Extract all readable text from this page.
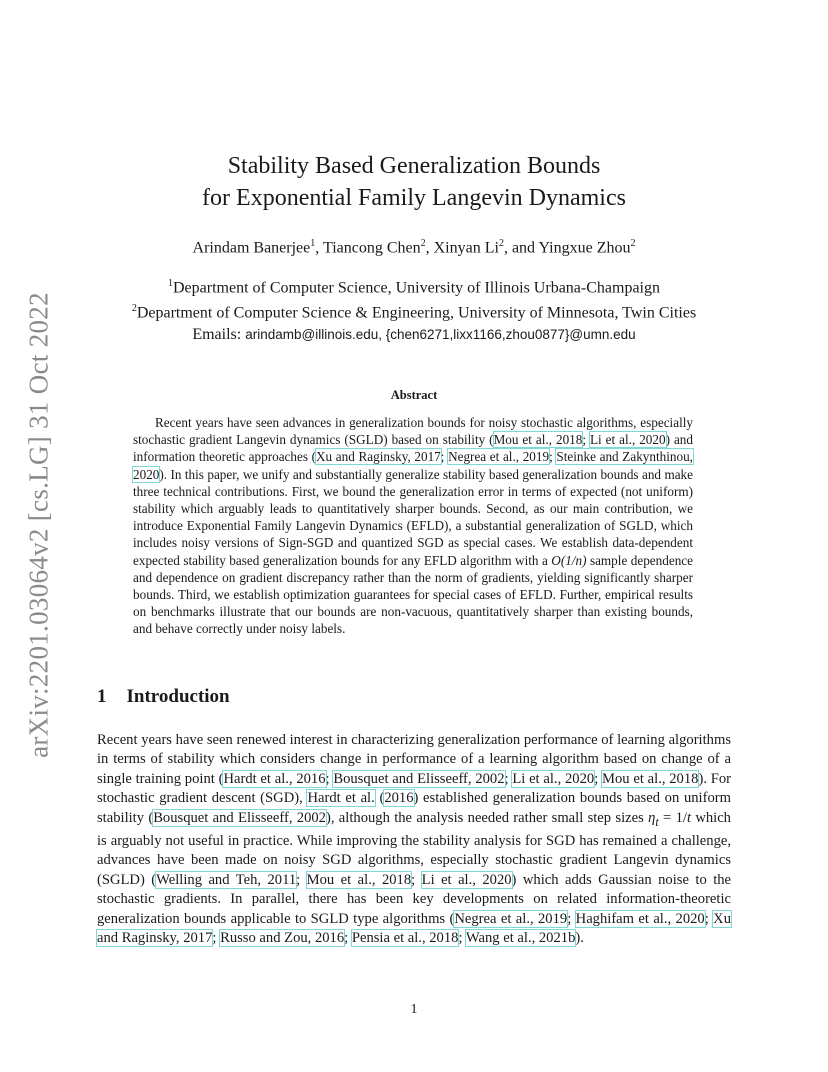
arXiv:2201.03064v2 [cs.LG] 31 Oct 2022
Stability Based Generalization Bounds
for Exponential Family Langevin Dynamics
Arindam Banerjee$^1$, Tiancong Chen$^2$, Xinyan Li$^2$, and Yingxue Zhou$^2$
$^1$Department of Computer Science, University of Illinois Urbana-Champaign
$^2$Department of Computer Science & Engineering, University of Minnesota, Twin Cities
Emails: arindamb@illinois.edu, {chen6271,lixx1166,zhou0877}@umn.edu
Abstract

Recent years have seen advances in generalization bounds for noisy stochastic algorithms, especially stochastic gradient Langevin dynamics (SGLD) based on stability (Mou et al., 2018; Li et al., 2020) and information theoretic approaches (Xu and Raginsky, 2017; Negrea et al., 2019; Steinke and Zakynthinou, 2020). In this paper, we unify and substantially generalize stability based generalization bounds and make three technical contributions. First, we bound the generalization error in terms of expected (not uniform) stability which arguably leads to quantitatively sharper bounds. Second, as our main contribution, we introduce Exponential Family Langevin Dynamics (EFLD), a substantial generalization of SGLD, which includes noisy versions of Sign-SGD and quantized SGD as special cases. We establish data-dependent expected stability based generalization bounds for any EFLD algorithm with a O(1/n) sample dependence and dependence on gradient discrepancy rather than the norm of gradients, yielding significantly sharper bounds. Third, we establish optimization guarantees for special cases of EFLD. Further, empirical results on benchmarks illustrate that our bounds are non-vacuous, quantitatively sharper than existing bounds, and behave correctly under noisy labels.

1 Introduction

Recent years have seen renewed interest in characterizing generalization performance of learning algorithms in terms of stability which considers change in performance of a learning algorithm based on change of a single training point (Hardt et al., 2016; Bousquet and Elisseeff, 2002; Li et al., 2020; Mou et al., 2018). For stochastic gradient descent (SGD), Hardt et al. (2016) established generalization bounds based on uniform stability (Bousquet and Elisseeff, 2002), although the analysis needed rather small step sizes $\eta_t = 1/t$ which is arguably not useful in practice. While improving the stability analysis for SGD has remained a challenge, advances have been made on noisy SGD algorithms, especially stochastic gradient Langevin dynamics (SGLD) (Welling and Teh, 2011; Mou et al., 2018; Li et al., 2020) which adds Gaussian noise to the stochastic gradients. In parallel, there has been key developments on related information-theoretic generalization bounds applicable to SGLD type algorithms (Negrea et al., 2019; Haghifam et al., 2020; Xu and Raginsky, 2017; Russo and Zou, 2016; Pensia et al., 2018; Wang et al., 2021b).

1
